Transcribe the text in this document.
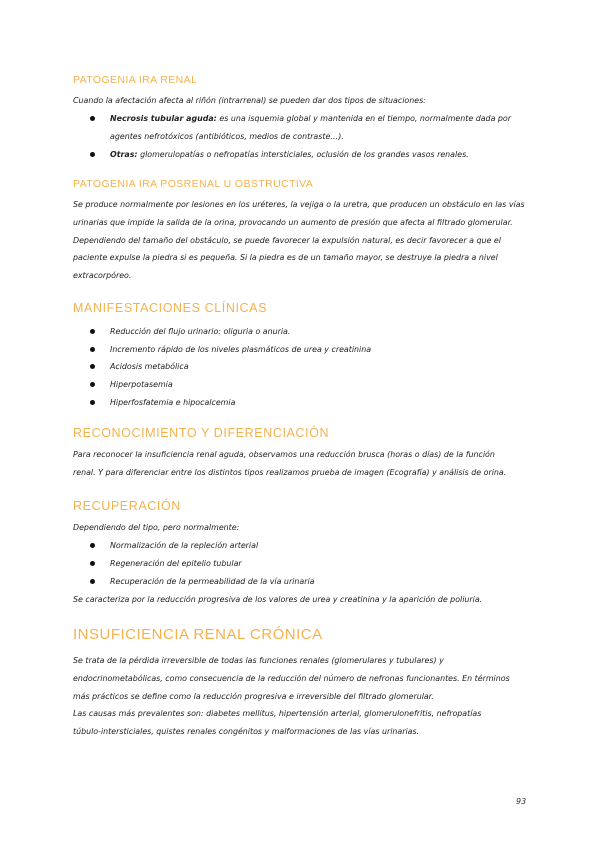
PATOGENIA IRA RENAL
Cuando la afectación afecta al riñón (intrarrenal) se pueden dar dos tipos de situaciones:
Necrosis tubular aguda: es una isquemia global y mantenida en el tiempo, normalmente dada por
agentes nefrotóxicos (antibióticos, medios de contraste…).
Otras: glomerulopatías o nefropatías intersticiales, oclusión de los grandes vasos renales.
PATOGENIA IRA POSRENAL U OBSTRUCTIVA
Se produce normalmente por lesiones en los uréteres, la vejiga o la uretra, que producen un obstáculo en las vías
urinarias que impide la salida de la orina, provocando un aumento de presión que afecta al filtrado glomerular.
Dependiendo del tamaño del obstáculo, se puede favorecer la expulsión natural, es decir favorecer a que el
paciente expulse la piedra si es pequeña. Si la piedra es de un tamaño mayor, se destruye la piedra a nivel
extracorpóreo.
MANIFESTACIONES CLÍNICAS
Reducción del flujo urinario: oliguria o anuria.
Incremento rápido de los niveles plasmáticos de urea y creatinina
Acidosis metabólica
Hiperpotasemia
Hiperfosfatemia e hipocalcemia
RECONOCIMIENTO Y DIFERENCIACIÓN
Para reconocer la insuficiencia renal aguda, observamos una reducción brusca (horas o días) de la función
renal. Y para diferenciar entre los distintos tipos realizamos prueba de imagen (Ecografía) y análisis de orina.
RECUPERACIÓN
Dependiendo del tipo, pero normalmente:
Normalización de la repleción arterial
Regeneración del epitelio tubular
Recuperación de la permeabilidad de la vía urinaria
Se caracteriza por la reducción progresiva de los valores de urea y creatinina y la aparición de poliuria.
INSUFICIENCIA RENAL CRÓNICA
Se trata de la pérdida irreversible de todas las funciones renales (glomerulares y tubulares) y
endocrinometabólicas, como consecuencia de la reducción del número de nefronas funcionantes. En términos
más prácticos se define como la reducción progresiva e irreversible del filtrado glomerular.
Las causas más prevalentes son: diabetes mellitus, hipertensión arterial, glomerulonefritis, nefropatías
túbulo-intersticiales, quistes renales congénitos y malformaciones de las vías urinarias.
93
